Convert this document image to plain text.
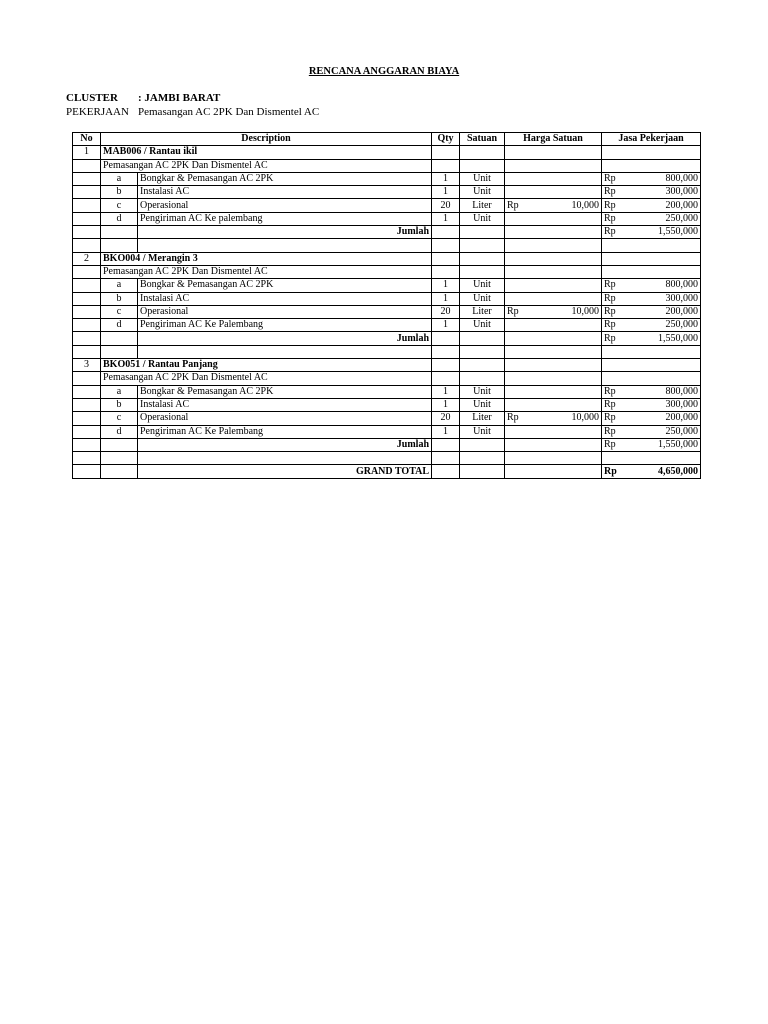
RENCANA ANGGARAN BIAYA
CLUSTER : JAMBI BARAT
PEKERJAAN Pemasangan AC 2PK Dan Dismentel AC
No	Description		Qty	Satuan	Harga Satuan	Jasa Pekerjaan
1	MAB006 / Rantau ikil					

	Pemasangan AC 2PK Dan Dismentel AC					

	a	Bongkar & Pemasangan AC 2PK	1	Unit		Rp 800,000

	b	Instalasi AC	1	Unit		Rp 300,000

	c	Operasional	20	Liter	Rp 10,000	Rp 200,000

	d	Pengiriman AC Ke palembang	1	Unit		Rp 250,000

		Jumlah				Rp 1,550,000

2	BKO004 / Merangin 3					

	Pemasangan AC 2PK Dan Dismentel AC					

	a	Bongkar & Pemasangan AC 2PK	1	Unit		Rp 800,000

	b	Instalasi AC	1	Unit		Rp 300,000

	c	Operasional	20	Liter	Rp 10,000	Rp 200,000

	d	Pengiriman AC Ke Palembang	1	Unit		Rp 250,000

		Jumlah				Rp 1,550,000

3	BKO051 / Rantau Panjang					

	Pemasangan AC 2PK Dan Dismentel AC					

	a	Bongkar & Pemasangan AC 2PK	1	Unit		Rp 800,000

	b	Instalasi AC	1	Unit		Rp 300,000

	c	Operasional	20	Liter	Rp 10,000	Rp 200,000

	d	Pengiriman AC Ke Palembang	1	Unit		Rp 250,000

		Jumlah				Rp 1,550,000

		GRAND TOTAL				Rp 4,650,000
